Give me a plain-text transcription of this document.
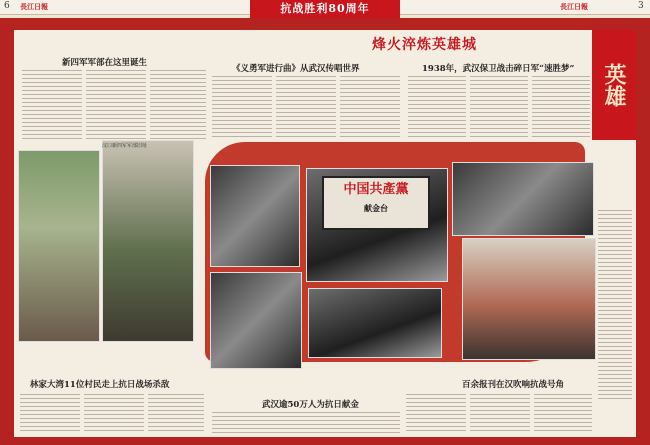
6 長江日報	抗战胜利80周年	長江日報	3
烽火淬炼英雄城
英雄
新四军军部在这里诞生
《义勇军进行曲》从武汉传唱世界	1938年，武汉保卫战击碎日军“速胜梦”
汉口新四军军部旧址

中国共產黨
献金台
林家大湾11位村民走上抗日战场杀敌
武汉逾50万人为抗日献金
百余报刊在汉吹响抗战号角
